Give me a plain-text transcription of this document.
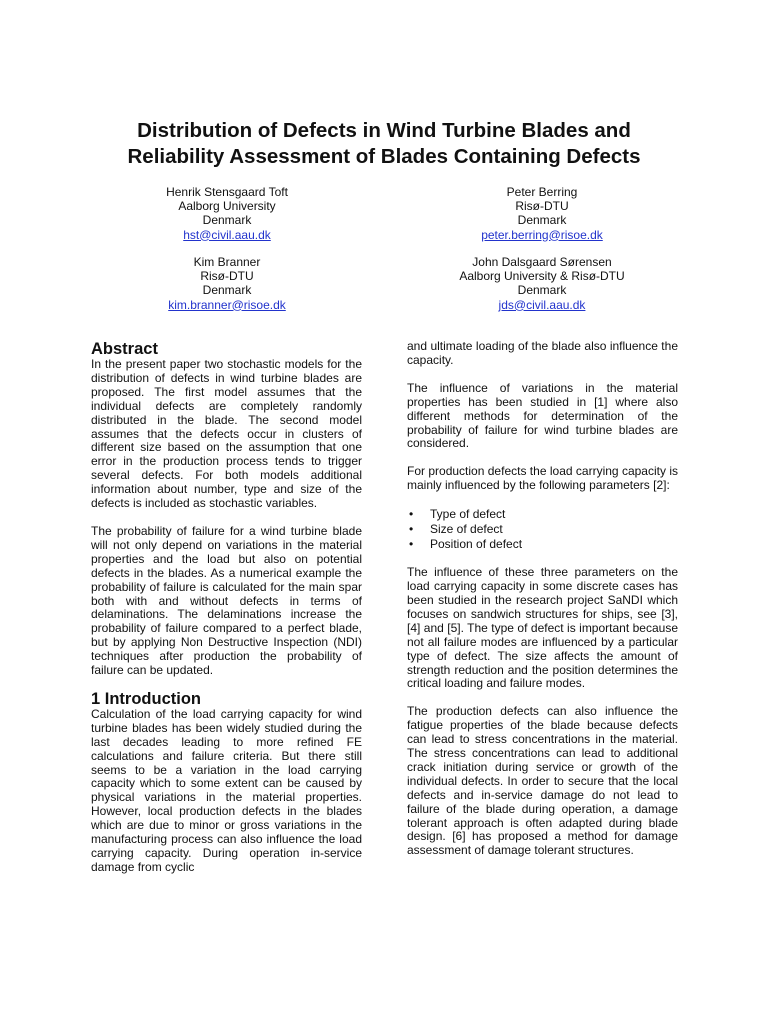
Distribution of Defects in Wind Turbine Blades and
Reliability Assessment of Blades Containing Defects
Henrik Stensgaard Toft
Aalborg University
Denmark
hst@civil.aau.dk
Peter Berring
Risø-DTU
Denmark
peter.berring@risoe.dk
Kim Branner
Risø-DTU
Denmark
kim.branner@risoe.dk
John Dalsgaard Sørensen
Aalborg University & Risø-DTU
Denmark
jds@civil.aau.dk

Abstract

In the present paper two stochastic models for the distribution of defects in wind turbine blades are proposed. The first model assumes that the individual defects are completely randomly distributed in the blade. The second model assumes that the defects occur in clusters of different size based on the assumption that one error in the production process tends to trigger several defects. For both models additional information about number, type and size of the defects is included as stochastic variables.

The probability of failure for a wind turbine blade will not only depend on variations in the material properties and the load but also on potential defects in the blades. As a numerical example the probability of failure is calculated for the main spar both with and without defects in terms of delaminations. The delaminations increase the probability of failure compared to a perfect blade, but by applying Non Destructive Inspection (NDI) techniques after production the probability of failure can be updated.

1 Introduction

Calculation of the load carrying capacity for wind turbine blades has been widely studied during the last decades leading to more refined FE calculations and failure criteria. But there still seems to be a variation in the load carrying capacity which to some extent can be caused by physical variations in the material properties. However, local production defects in the blades which are due to minor or gross variations in the manufacturing process can also influence the load carrying capacity. During operation in-service damage from cyclic

and ultimate loading of the blade also influence the capacity.

The influence of variations in the material properties has been studied in [1] where also different methods for determination of the probability of failure for wind turbine blades are considered.

For production defects the load carrying capacity is mainly influenced by the following parameters [2]:

• Type of defect
• Size of defect
• Position of defect

The influence of these three parameters on the load carrying capacity in some discrete cases has been studied in the research project SaNDI which focuses on sandwich structures for ships, see [3], [4] and [5]. The type of defect is important because not all failure modes are influenced by a particular type of defect. The size affects the amount of strength reduction and the position determines the critical loading and failure modes.

The production defects can also influence the fatigue properties of the blade because defects can lead to stress concentrations in the material. The stress concentrations can lead to additional crack initiation during service or growth of the individual defects. In order to secure that the local defects and in-service damage do not lead to failure of the blade during operation, a damage tolerant approach is often adapted during blade design. [6] has proposed a method for damage assessment of damage tolerant structures.
